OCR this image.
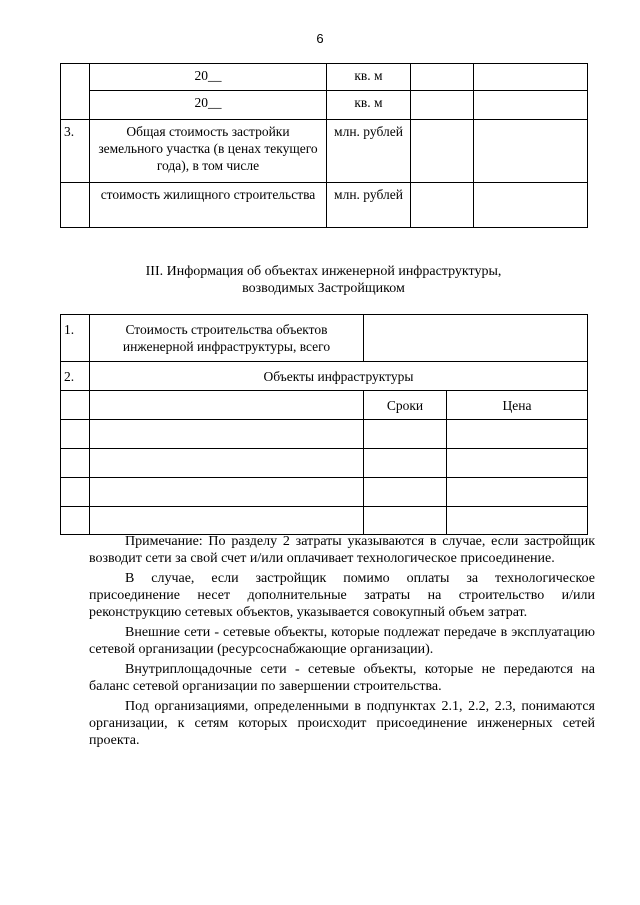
6
	20__	кв. м		
	20__	кв. м		
3.	Общая стоимость застройки земельного участка (в ценах текущего года), в том числе	млн. рублей		
	стоимость жилищного строительства	млн. рублей		
III. Информация об объектах инженерной инфраструктуры,
возводимых Застройщиком
1.	Стоимость строительства объектов инженерной инфраструктуры, всего		
2.	Объекты инфраструктуры		
		Сроки	Цена

Примечание: По разделу 2 затраты указываются в случае, если застройщик возводит сети за свой счет и/или оплачивает технологическое присоединение.

В случае, если застройщик помимо оплаты за технологическое присоединение несет дополнительные затраты на строительство и/или реконструкцию сетевых объектов, указывается совокупный объем затрат.

Внешние сети - сетевые объекты, которые подлежат передаче в эксплуатацию сетевой организации (ресурсоснабжающие организации).

Внутриплощадочные сети - сетевые объекты, которые не передаются на баланс сетевой организации по завершении строительства.

Под организациями, определенными в подпунктах 2.1, 2.2, 2.3, понимаются организации, к сетям которых происходит присоединение инженерных сетей проекта.
